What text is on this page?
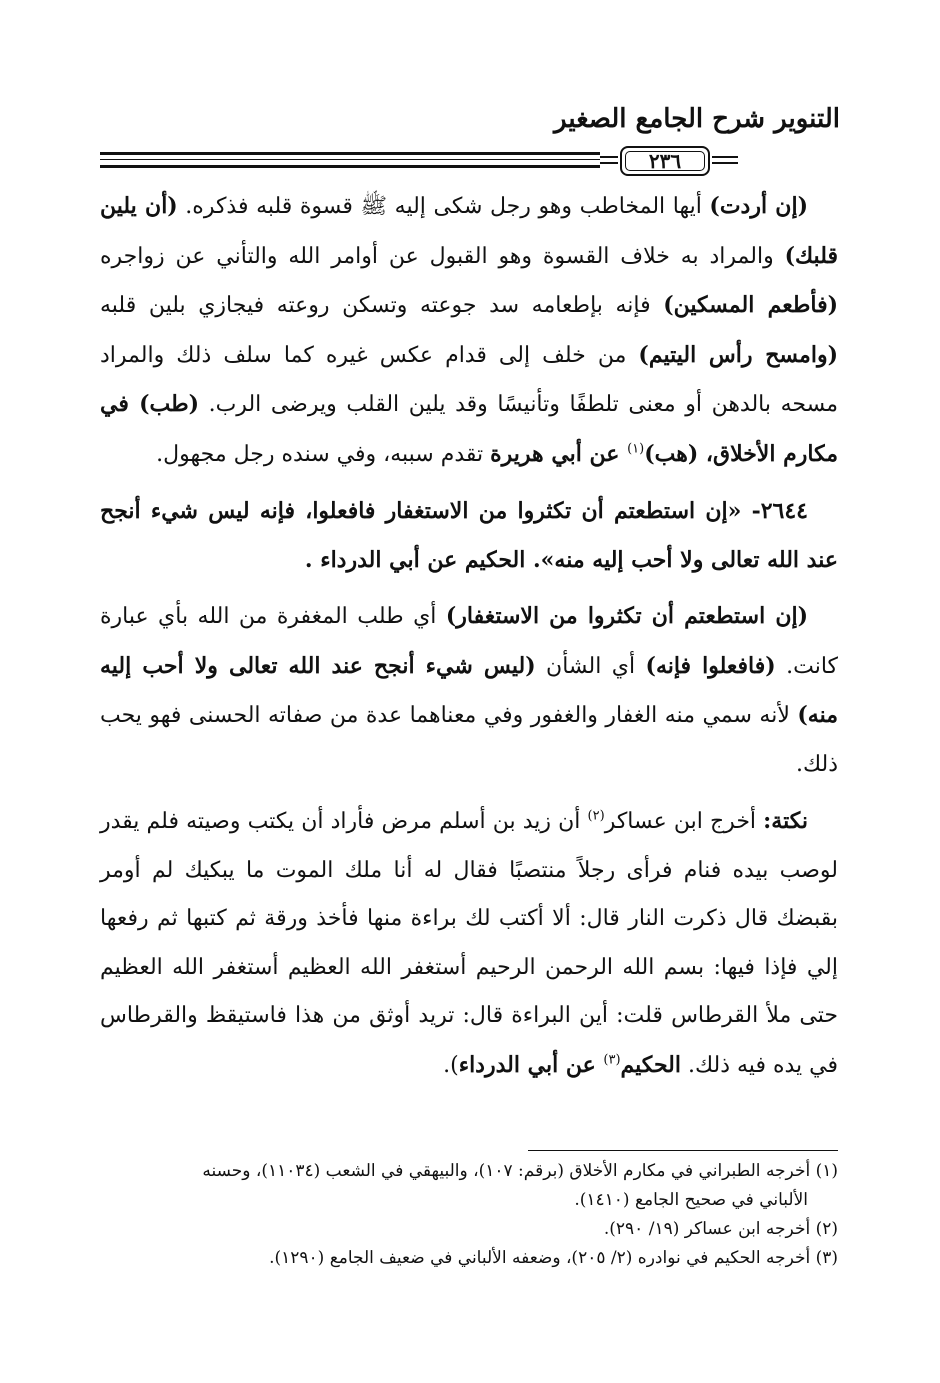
التنوير شرح الجامع الصغير
٢٣٦

(إن أردت) أيها المخاطب وهو رجل شكى إليه ﷺ قسوة قلبه فذكره. (أن يلين قلبك) والمراد به خلاف القسوة وهو القبول عن أوامر الله والتأني عن زواجره (فأطعم المسكين) فإنه بإطعامه سد جوعته وتسكن روعته فيجازي بلين قلبه (وامسح رأس اليتيم) من خلف إلى قدام عكس غيره كما سلف ذلك والمراد مسحه بالدهن أو معنى تلطفًا وتأنيسًا وقد يلين القلب ويرضى الرب. (طب) في مكارم الأخلاق، (هب)$^{(١)}$ عن أبي هريرة تقدم سببه، وفي سنده رجل مجهول.

٢٦٤٤- «إن استطعتم أن تكثروا من الاستغفار فافعلوا، فإنه ليس شيء أنجح عند الله تعالى ولا أحب إليه منه». الحكيم عن أبي الدرداء .

(إن استطعتم أن تكثروا من الاستغفار) أي طلب المغفرة من الله بأي عبارة كانت. (فافعلوا فإنه) أي الشأن (ليس شيء أنجح عند الله تعالى ولا أحب إليه منه) لأنه سمي منه الغفار والغفور وفي معناهما عدة من صفاته الحسنى فهو يحب ذلك.

نكتة: أخرج ابن عساكر$^{(٢)}$ أن زيد بن أسلم مرض فأراد أن يكتب وصيته فلم يقدر لوصب بيده فنام فرأى رجلاً منتصبًا فقال له أنا ملك الموت ما يبكيك لم أومر بقبضك قال ذكرت النار قال: ألا أكتب لك براءة منها فأخذ ورقة ثم كتبها ثم رفعها إلي فإذا فيها: بسم الله الرحمن الرحيم أستغفر الله العظيم أستغفر الله العظيم حتى ملأ القرطاس قلت: أين البراءة قال: تريد أوثق من هذا فاستيقظ والقرطاس في يده فيه ذلك. الحكيم$^{(٣)}$ عن أبي الدرداء).

(١) أخرجه الطبراني في مكارم الأخلاق (برقم: ١٠٧)، والبيهقي في الشعب (١١٠٣٤)، وحسنه

الألباني في صحيح الجامع (١٤١٠).

(٢) أخرجه ابن عساكر (١٩/ ٢٩٠).

(٣) أخرجه الحكيم في نوادره (٢/ ٢٠٥)، وضعفه الألباني في ضعيف الجامع (١٢٩٠).
